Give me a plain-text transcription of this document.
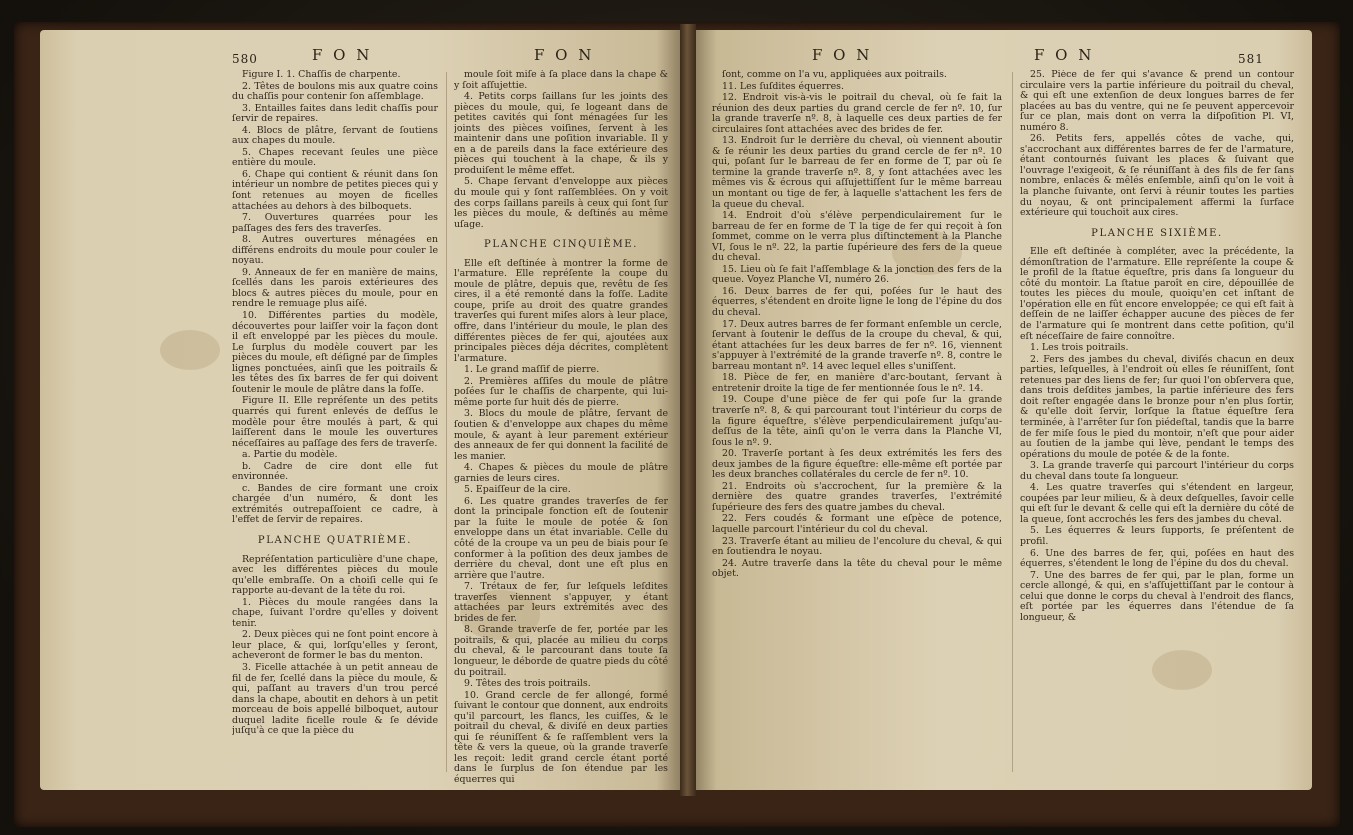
580	F O N	F O N	F O N	F O N	581

Figure I. 1. Chaſſis de charpente.

2. Têtes de boulons mis aux quatre coins du chaſſis pour contenir ſon aſſemblage.

3. Entailles faites dans ledit chaſſis pour ſervir de repaires.

4. Blocs de plâtre, ſervant de ſoutiens aux chapes du moule.

5. Chapes recevant ſeules une pièce entière du moule.

6. Chape qui contient & réunit dans ſon intérieur un nombre de petites pieces qui y ſont retenues au moyen de ficelles attachées au dehors à des bilboquets.

7. Ouvertures quarrées pour les paſſages des fers des traverſes.

8. Autres ouvertures ménagées en différens endroits du moule pour couler le noyau.

9. Anneaux de fer en manière de mains, ſcellés dans les parois extérieures des blocs & autres pièces du moule, pour en rendre le remuage plus aiſé.

10. Différentes parties du modèle, découvertes pour laiſſer voir la façon dont il eſt enveloppé par les pièces du moule. Le ſurplus du modèle couvert par les pièces du moule, eſt déſigné par de ſimples lignes ponctuées, ainſi que les poitrails & les têtes des ſix barres de fer qui doivent ſoutenir le moule de plâtre dans la foſſe.

Figure II. Elle repréſente un des petits quarrés qui furent enlevés de deſſus le modèle pour être moulés à part, & qui laiſſerent dans le moule les ouvertures néceſſaires au paſſage des fers de traverſe.

a. Partie du modèle.

b. Cadre de cire dont elle fut environnée.

c. Bandes de cire formant une croix chargée d'un numéro, & dont les extrémités outrepaſſoient ce cadre, à l'effet de ſervir de repaires.

PLANCHE QUATRIÈME.

Repréſentation particulière d'une chape, avec les différentes pièces du moule qu'elle embraſſe. On a choiſi celle qui ſe rapporte au-devant de la tête du roi.

1. Pièces du moule rangées dans la chape, ſuivant l'ordre qu'elles y doivent tenir.

2. Deux pièces qui ne ſont point encore à leur place, & qui, lorſqu'elles y ſeront, acheveront de former le bas du menton.

3. Ficelle attachée à un petit anneau de fil de fer, ſcellé dans la pièce du moule, & qui, paſſant au travers d'un trou percé dans la chape, aboutit en dehors à un petit morceau de bois appellé bilboquet, autour duquel ladite ficelle roule & ſe dévide juſqu'à ce que la pièce du

moule ſoit miſe à ſa place dans la chape & y ſoit aſſujettie.

4. Petits corps ſaillans ſur les joints des pièces du moule, qui, ſe logeant dans de petites cavités qui ſont ménagées ſur les joints des pièces voiſines, ſervent à les maintenir dans une poſition invariable. Il y en a de pareils dans la face extérieure des pièces qui touchent à la chape, & ils y produiſent le même effet.

5. Chape ſervant d'enveloppe aux pièces du moule qui y ſont raſſemblées. On y voit des corps ſaillans pareils à ceux qui ſont ſur les pièces du moule, & deſtinés au même uſage.

PLANCHE CINQUIÈME.

Elle eſt deſtinée à montrer la forme de l'armature. Elle repréſente la coupe du moule de plâtre, depuis que, revêtu de ſes cires, il a été remonté dans la foſſe. Ladite coupe, priſe au droit des quatre grandes traverſes qui furent miſes alors à leur place, offre, dans l'intérieur du moule, le plan des différentes pièces de fer qui, ajoutées aux principales pièces déja décrites, complètent l'armature.

1. Le grand maſſif de pierre.

2. Premières aſſiſes du moule de plâtre poſées ſur le chaſſis de charpente, qui lui-même porte ſur huit dés de pierre.

3. Blocs du moule de plâtre, ſervant de ſoutien & d'enveloppe aux chapes du même moule, & ayant à leur parement extérieur des anneaux de fer qui donnent la facilité de les manier.

4. Chapes & pièces du moule de plâtre garnies de leurs cires.

5. Epaiſſeur de la cire.

6. Les quatre grandes traverſes de fer dont la principale fonction eſt de ſoutenir par la ſuite le moule de potée & ſon enveloppe dans un état invariable. Celle du côté de la croupe va un peu de biais pour ſe conformer à la poſition des deux jambes de derrière du cheval, dont une eſt plus en arrière que l'autre.

7. Trétaux de fer, ſur leſquels leſdites traverſes viennent s'appuyer, y étant attachées par leurs extrémités avec des brides de fer.

8. Grande traverſe de fer, portée par les poitrails, & qui, placée au milieu du corps du cheval, & le parcourant dans toute ſa longueur, le déborde de quatre pieds du côté du poitrail.

9. Têtes des trois poitrails.

10. Grand cercle de fer allongé, formé ſuivant le contour que donnent, aux endroits qu'il parcourt, les flancs, les cuiſſes, & le poitrail du cheval, & diviſé en deux parties qui ſe réuniſſent & ſe raſſemblent vers la tête & vers la queue, où la grande traverſe les reçoit: ledit grand cercle étant porté dans le ſurplus de ſon étendue par les équerres qui

ſont, comme on l'a vu, appliquées aux poitrails.

11. Les ſuſdites équerres.

12. Endroit vis-à-vis le poitrail du cheval, où ſe fait la réunion des deux parties du grand cercle de fer nº. 10, ſur la grande traverſe nº. 8, à laquelle ces deux parties de fer circulaires ſont attachées avec des brides de fer.

13. Endroit ſur le derrière du cheval, où viennent aboutir & ſe réunir les deux parties du grand cercle de fer nº. 10 qui, poſant ſur le barreau de fer en forme de T, par où ſe termine la grande traverſe nº. 8, y ſont attachées avec les mêmes vis & écrous qui aſſujettiſſent ſur le même barreau un montant ou tige de fer, à laquelle s'attachent les fers de la queue du cheval.

14. Endroit d'où s'élève perpendiculairement ſur le barreau de fer en forme de T la tige de fer qui reçoit à ſon ſommet, comme on le verra plus diſtinctement à la Planche VI, ſous le nº. 22, la partie ſupérieure des fers de la queue du cheval.

15. Lieu où ſe fait l'aſſemblage & la jonction des fers de la queue. Voyez Planche VI, numéro 26.

16. Deux barres de fer qui, poſées ſur le haut des équerres, s'étendent en droite ligne le long de l'épine du dos du cheval.

17. Deux autres barres de fer formant enſemble un cercle, ſervant à ſoutenir le deſſus de la croupe du cheval, & qui, étant attachées ſur les deux barres de fer nº. 16, viennent s'appuyer à l'extrémité de la grande traverſe nº. 8, contre le barreau montant nº. 14 avec lequel elles s'uniſſent.

18. Pièce de fer, en manière d'arc-boutant, ſervant à entretenir droite la tige de fer mentionnée ſous le nº. 14.

19. Coupe d'une pièce de fer qui poſe ſur la grande traverſe nº. 8, & qui parcourant tout l'intérieur du corps de la figure équeſtre, s'élève perpendiculairement juſqu'au-deſſus de la tête, ainſi qu'on le verra dans la Planche VI, ſous le nº. 9.

20. Traverſe portant à ſes deux extrémités les fers des deux jambes de la figure équeſtre: elle-même eſt portée par les deux branches collatérales du cercle de fer nº. 10.

21. Endroits où s'accrochent, ſur la première & la dernière des quatre grandes traverſes, l'extrémité ſupérieure des fers des quatre jambes du cheval.

22. Fers coudés & formant une eſpèce de potence, laquelle parcourt l'intérieur du col du cheval.

23. Traverſe étant au milieu de l'encolure du cheval, & qui en ſoutiendra le noyau.

24. Autre traverſe dans la tête du cheval pour le même objet.

25. Pièce de fer qui s'avance & prend un contour circulaire vers la partie inférieure du poitrail du cheval, & qui eſt une extenſion de deux longues barres de fer placées au bas du ventre, qui ne ſe peuvent appercevoir ſur ce plan, mais dont on verra la diſpoſition Pl. VI, numéro 8.

26. Petits fers, appellés côtes de vache, qui, s'accrochant aux différentes barres de fer de l'armature, étant contournés ſuivant les places & ſuivant que l'ouvrage l'exigeoit, & ſe réuniſſant à des fils de fer ſans nombre, enlacés & mêlés enſemble, ainſi qu'on le voit à la planche ſuivante, ont ſervi à réunir toutes les parties du noyau, & ont principalement affermi la ſurface extérieure qui touchoit aux cires.

PLANCHE SIXIÈME.

Elle eſt deſtinée à compléter, avec la précédente, la démonſtration de l'armature. Elle repréſente la coupe & le profil de la ſtatue équeſtre, pris dans ſa longueur du côté du montoir. La ſtatue paroît en cire, dépouillée de toutes les pièces du moule, quoiqu'en cet inſtant de l'opération elle en fût encore enveloppée; ce qui eſt fait à deſſein de ne laiſſer échapper aucune des pièces de fer de l'armature qui ſe montrent dans cette poſition, qu'il eſt néceſſaire de faire connoître.

1. Les trois poitrails.

2. Fers des jambes du cheval, diviſés chacun en deux parties, leſquelles, à l'endroit où elles ſe réuniſſent, ſont retenues par des liens de fer; ſur quoi l'on obſervera que, dans trois deſdites jambes, la partie inférieure des fers doit reſter engagée dans le bronze pour n'en plus ſortir, & qu'elle doit ſervir, lorſque la ſtatue équeſtre ſera terminée, à l'arrêter ſur ſon piédeſtal, tandis que la barre de fer miſe ſous le pied du montoir, n'eſt que pour aider au ſoutien de la jambe qui lève, pendant le temps des opérations du moule de potée & de la fonte.

3. La grande traverſe qui parcourt l'intérieur du corps du cheval dans toute ſa longueur.

4. Les quatre traverſes qui s'étendent en largeur, coupées par leur milieu, & à deux deſquelles, ſavoir celle qui eſt ſur le devant & celle qui eſt la dernière du côté de la queue, ſont accrochés les fers des jambes du cheval.

5. Les équerres & leurs ſupports, ſe préſentent de profil.

6. Une des barres de fer, qui, poſées en haut des équerres, s'étendent le long de l'épine du dos du cheval.

7. Une des barres de fer qui, par le plan, forme un cercle allongé, & qui, en s'aſſujettiſſant par le contour à celui que donne le corps du cheval à l'endroit des flancs, eſt portée par les équerres dans l'étendue de ſa longueur, &
